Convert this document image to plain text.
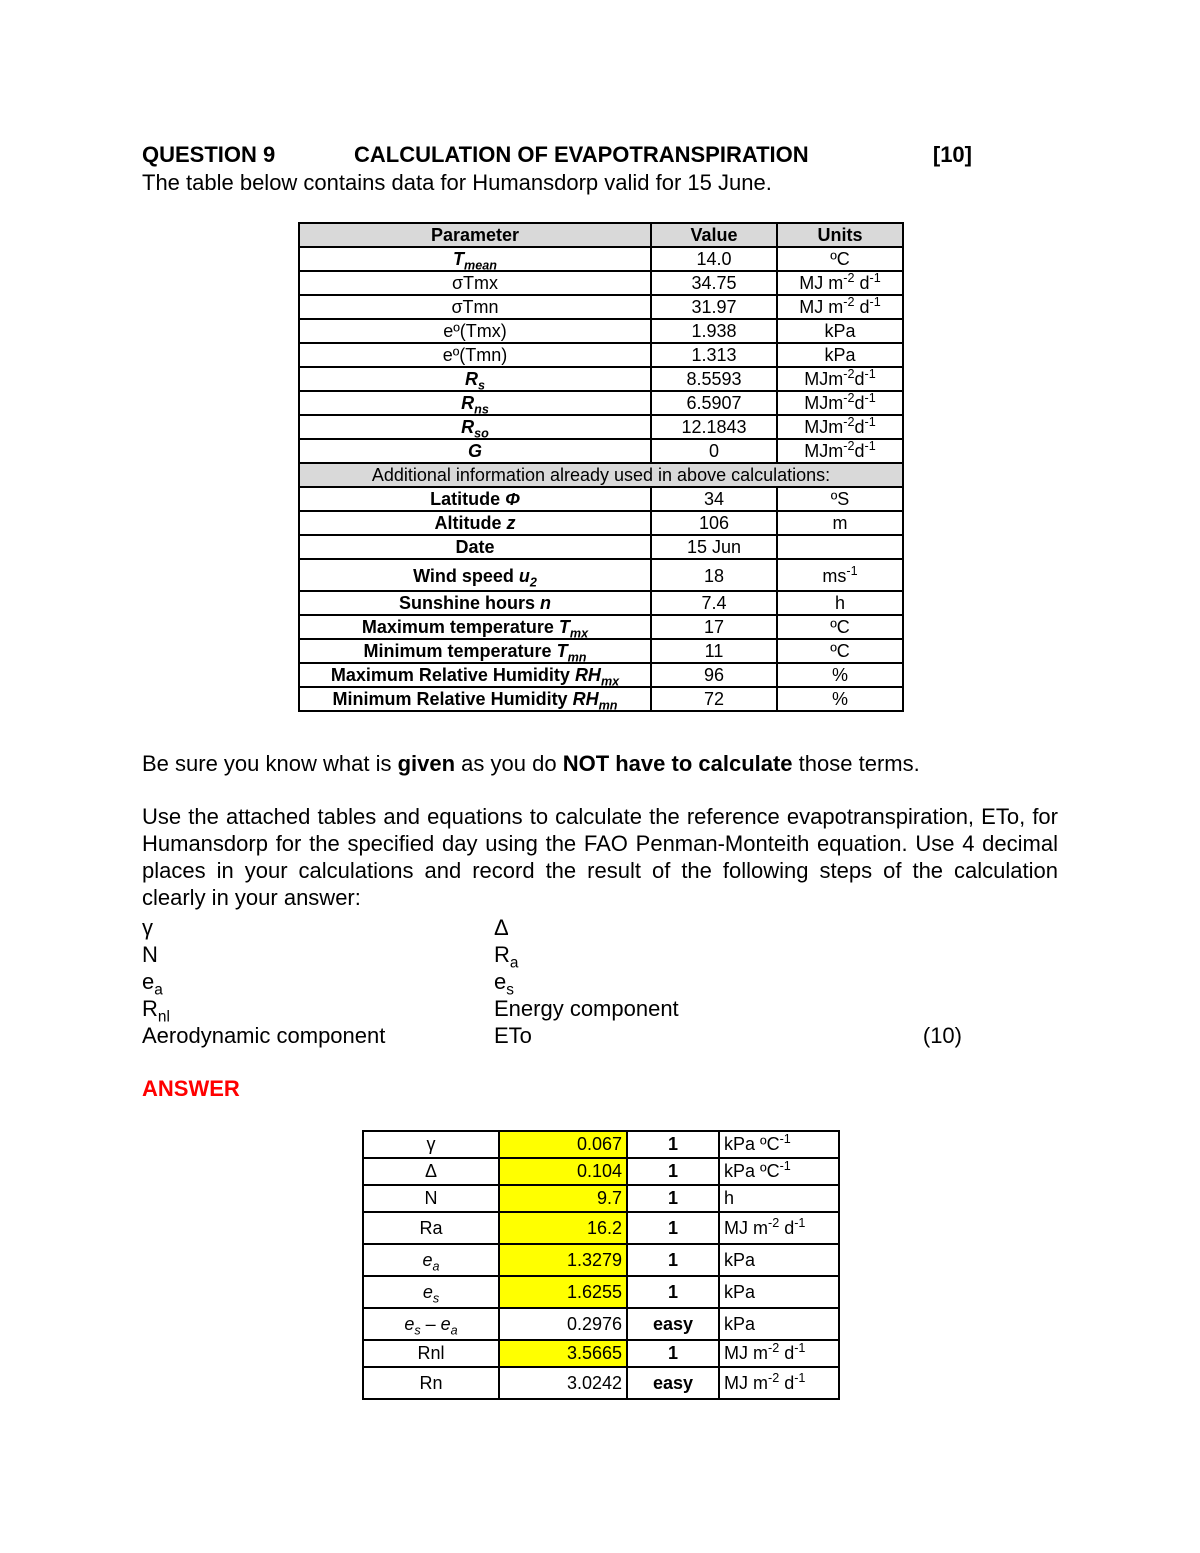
QUESTION 9	CALCULATION OF EVAPOTRANSPIRATION	[10]
The table below contains data for Humansdorp valid for 15 June.
Parameter	Value	Units
$T_{mean}$	14.0	ºC
σTmx	34.75	MJ $m^{-2}$ $d^{-1}$
σTmn	31.97	MJ $m^{-2}$ $d^{-1}$
eº(Tmx)	1.938	kPa
eº(Tmn)	1.313	kPa
$R_s$	8.5593	$MJm^{-2}d^{-1}$
$R_{ns}$	6.5907	$MJm^{-2}d^{-1}$
$R_{so}$	12.1843	$MJm^{-2}d^{-1}$
G	0	$MJm^{-2}d^{-1}$
Additional information already used in above calculations:		
Latitude Φ	34	ºS
Altitude z	106	m
Date	15 Jun	
Wind speed $u_2$	18	$ms^{-1}$
Sunshine hours n	7.4	h
Maximum temperature $T_{mx}$	17	ºC
Minimum temperature $T_{mn}$	11	ºC
Maximum Relative Humidity $RH_{mx}$	96	%
Minimum Relative Humidity $RH_{mn}$	72	%
Be sure you know what is given as you do NOT have to calculate those terms.
Use the attached tables and equations to calculate the reference evapotranspiration, ETo, for Humansdorp for the specified day using the FAO Penman-Monteith equation. Use 4 decimal places in your calculations and record the result of the following steps of the calculation clearly in your answer:
γ	Δ
N	$R_a$
$e_a$	$e_s$
$R_{nl}$	Energy component
Aerodynamic component	ETo	(10)
ANSWER
γ	0.067	1	kPa ºC$^{-1}$
Δ	0.104	1	kPa ºC$^{-1}$
N	9.7	1	h
Ra	16.2	1	MJ $m^{-2}$ $d^{-1}$
$e_a$	1.3279	1	kPa
$e_s$	1.6255	1	kPa
$e_s - e_a$	0.2976	easy	kPa
Rnl	3.5665	1	MJ $m^{-2}$ $d^{-1}$
Rn	3.0242	easy	MJ $m^{-2}$ $d^{-1}$
